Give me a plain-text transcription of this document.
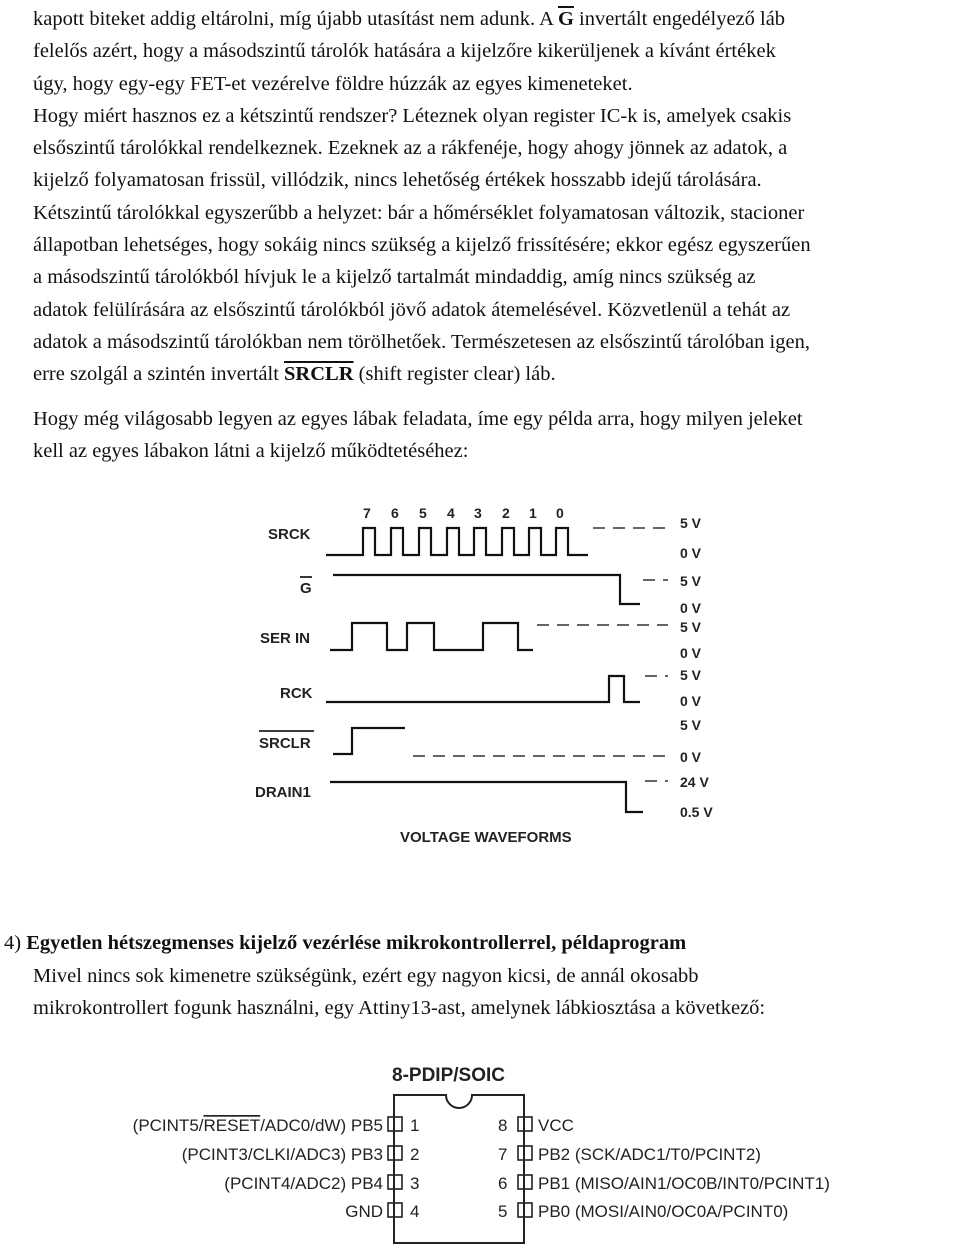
kapott biteket addig eltárolni, míg újabb utasítást nem adunk. A $\overline{G}$ invertált engedélyező láb

felelős azért, hogy a másodszintű tárolók hatására a kijelzőre kikerüljenek a kívánt értékek

úgy, hogy egy-egy FET-et vezérelve földre húzzák az egyes kimeneteket.

Hogy miért hasznos ez a kétszintű rendszer? Léteznek olyan register IC-k is, amelyek csakis

elsőszintű tárolókkal rendelkeznek. Ezeknek az a rákfenéje, hogy ahogy jönnek az adatok, a

kijelző folyamatosan frissül, villódzik, nincs lehetőség értékek hosszabb idejű tárolására.

Kétszintű tárolókkal egyszerűbb a helyzet: bár a hőmérséklet folyamatosan változik, stacioner

állapotban lehetséges, hogy sokáig nincs szükség a kijelző frissítésére; ekkor egész egyszerűen

a másodszintű tárolókból hívjuk le a kijelző tartalmát mindaddig, amíg nincs szükség az

adatok felülírására az elsőszintű tárolókból jövő adatok átemelésével. Közvetlenül a tehát az

adatok a másodszintű tárolókban nem törölhetőek. Természetesen az elsőszintű tárolóban igen,

erre szolgál a szintén invertált SRCLR (shift register clear) láb.

Hogy még világosabb legyen az egyes lábak feladata, íme egy példa arra, hogy milyen jeleket

kell az egyes lábakon látni a kijelző működtetéséhez:

7 6 5 4 3 2 1 0
SRCK
G
SER IN
RCK
SRCLR
DRAIN1
5 V
0 V
5 V
0 V
5 V
0 V
5 V
0 V
5 V
0 V
24 V
0.5 V
VOLTAGE WAVEFORMS
4) Egyetlen hétszegmenses kijelző vezérlése mikrokontrollerrel, példaprogram

Mivel nincs sok kimenetre szükségünk, ezért egy nagyon kicsi, de annál okosabb

mikrokontrollert fogunk használni, egy Attiny13-ast, amelynek lábkiosztása a következő:

8-PDIP/SOIC
(PCINT5/RESET/ADC0/dW) PB5
(PCINT3/CLKI/ADC3) PB3
(PCINT4/ADC2) PB4
GND
1
2
3
4
8
7
6
5
VCC
PB2 (SCK/ADC1/T0/PCINT2)
PB1 (MISO/AIN1/OC0B/INT0/PCINT1)
PB0 (MOSI/AIN0/OC0A/PCINT0)
